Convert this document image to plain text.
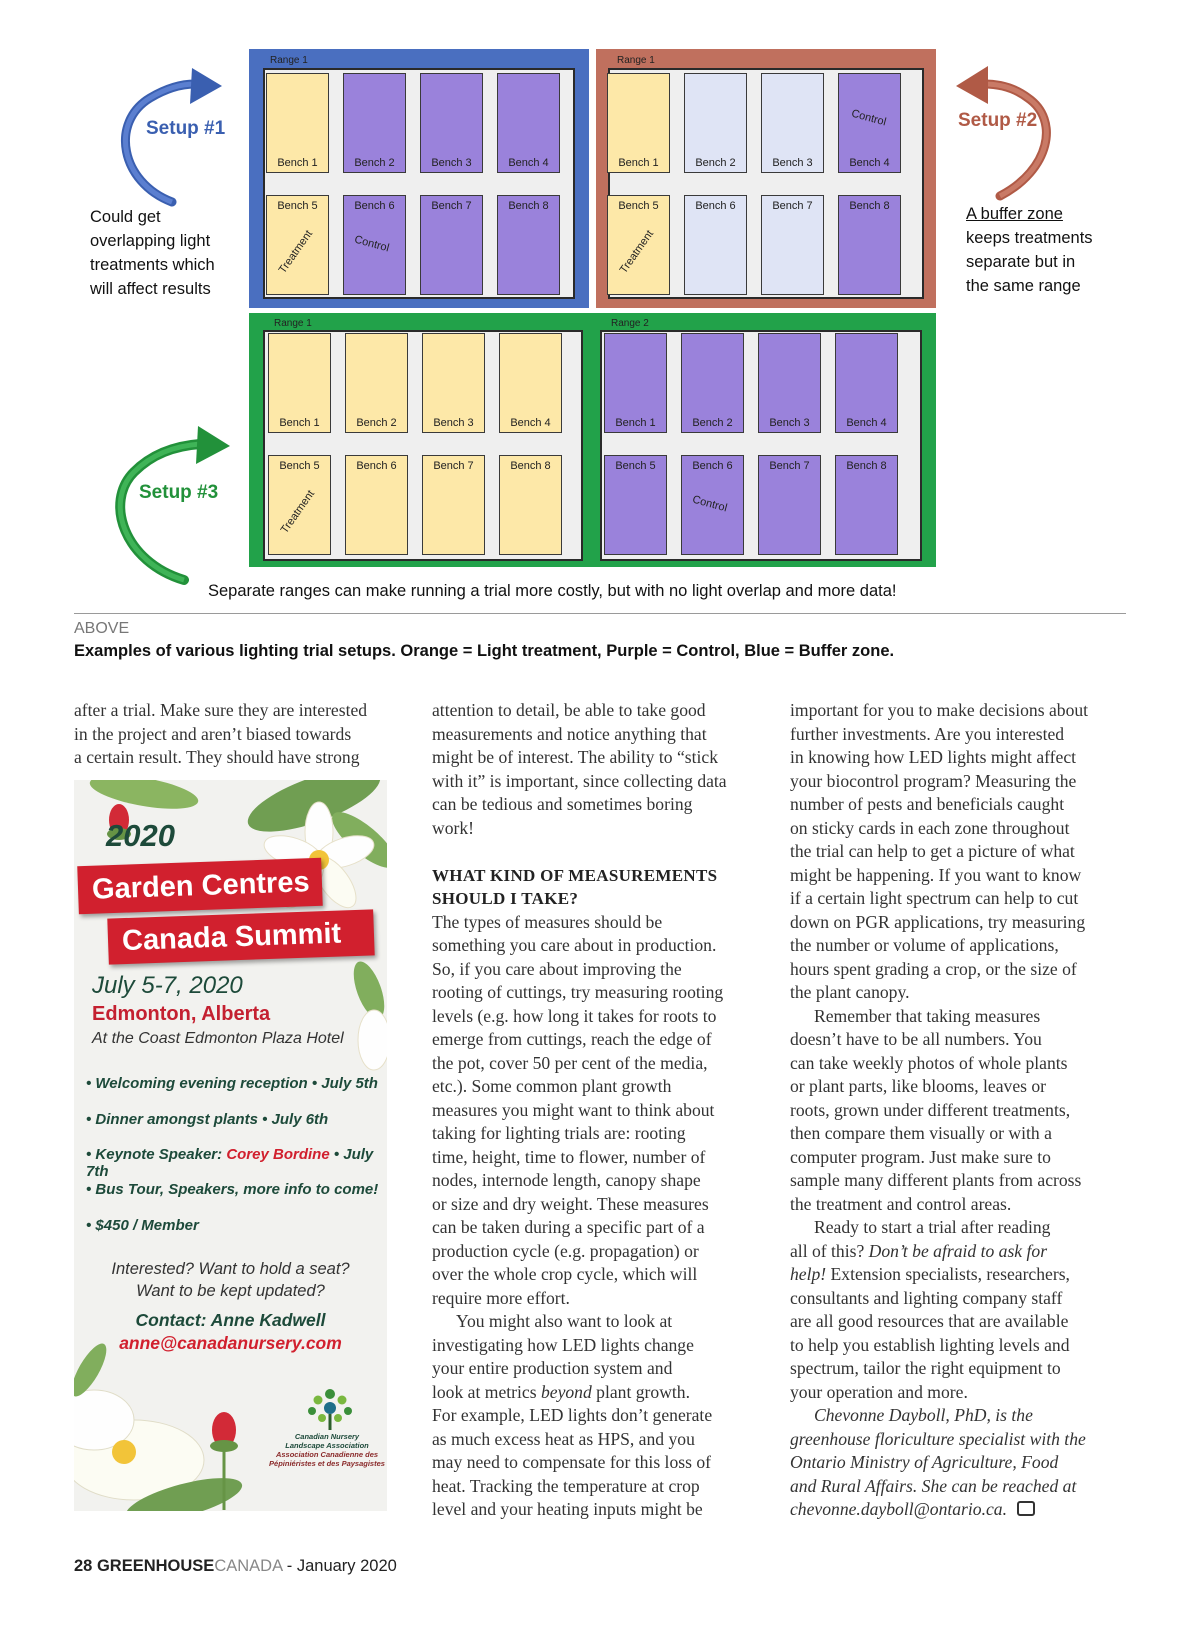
Setup #1	Setup #2
Setup #3
Could get
overlapping light
treatments which
will affect results
A buffer zone
keeps treatments
separate but in
the same range
Range 1
Bench 1	Bench 2	Bench 3	Bench 4
Bench 5
Treatment
Bench 6
Control
Bench 7	Bench 8
Range 1
Bench 1	Bench 2	Bench 3	Bench 4
Control
Bench 5
Treatment
Bench 6	Bench 7	Bench 8
Range 1	Range 2
Bench 1	Bench 2	Bench 3	Bench 4
Bench 5
Treatment
Bench 6	Bench 7	Bench 8
Bench 1	Bench 2	Bench 3	Bench 4
Bench 5	Bench 6
Control
Bench 7	Bench 8
Separate ranges can make running a trial more costly, but with no light overlap and more data!
ABOVE
Examples of various lighting trial setups. Orange = Light treatment, Purple = Control, Blue = Buffer zone.

after a trial. Make sure they are interested

in the project and aren’t biased towards

a certain result. They should have strong

attention to detail, be able to take good

measurements and notice anything that

might be of interest. The ability to “stick

with it” is important, since collecting data

can be tedious and sometimes boring

work!

WHAT KIND OF MEASUREMENTS
SHOULD I TAKE?

The types of measures should be

something you care about in production.

So, if you care about improving the

rooting of cuttings, try measuring rooting

levels (e.g. how long it takes for roots to

emerge from cuttings, reach the edge of

the pot, cover 50 per cent of the media,

etc.). Some common plant growth

measures you might want to think about

taking for lighting trials are: rooting

time, height, time to flower, number of

nodes, internode length, canopy shape

or size and dry weight. These measures

can be taken during a specific part of a

production cycle (e.g. propagation) or

over the whole crop cycle, which will

require more effort.

You might also want to look at

investigating how LED lights change

your entire production system and

look at metrics beyond plant growth.

For example, LED lights don’t generate

as much excess heat as HPS, and you

may need to compensate for this loss of

heat. Tracking the temperature at crop

level and your heating inputs might be

important for you to make decisions about

further investments. Are you interested

in knowing how LED lights might affect

your biocontrol program? Measuring the

number of pests and beneficials caught

on sticky cards in each zone throughout

the trial can help to get a picture of what

might be happening. If you want to know

if a certain light spectrum can help to cut

down on PGR applications, try measuring

the number or volume of applications,

hours spent grading a crop, or the size of

the plant canopy.

Remember that taking measures

doesn’t have to be all numbers. You

can take weekly photos of whole plants

or plant parts, like blooms, leaves or

roots, grown under different treatments,

then compare them visually or with a

computer program. Just make sure to

sample many different plants from across

the treatment and control areas.

Ready to start a trial after reading

all of this? Don’t be afraid to ask for

help! Extension specialists, researchers,

consultants and lighting company staff

are all good resources that are available

to help you establish lighting levels and

spectrum, tailor the right equipment to

your operation and more.

Chevonne Dayboll, PhD, is the

greenhouse floriculture specialist with the

Ontario Ministry of Agriculture, Food

and Rural Affairs. She can be reached at

chevonne.dayboll@ontario.ca.

2020
Garden Centres
Canada Summit
July 5-7, 2020
Edmonton, Alberta
At the Coast Edmonton Plaza Hotel
• Welcoming evening reception • July 5th
• Dinner amongst plants • July 6th
• Keynote Speaker: Corey Bordine • July 7th
• Bus Tour, Speakers, more info to come!
• $450 / Member
Interested? Want to hold a seat?
Want to be kept updated?
Contact: Anne Kadwell
anne@canadanursery.com
Canadian Nursery
Landscape Association
Association Canadienne des
Pépiniéristes et des Paysagistes
28 GREENHOUSECANADA - January 2020
